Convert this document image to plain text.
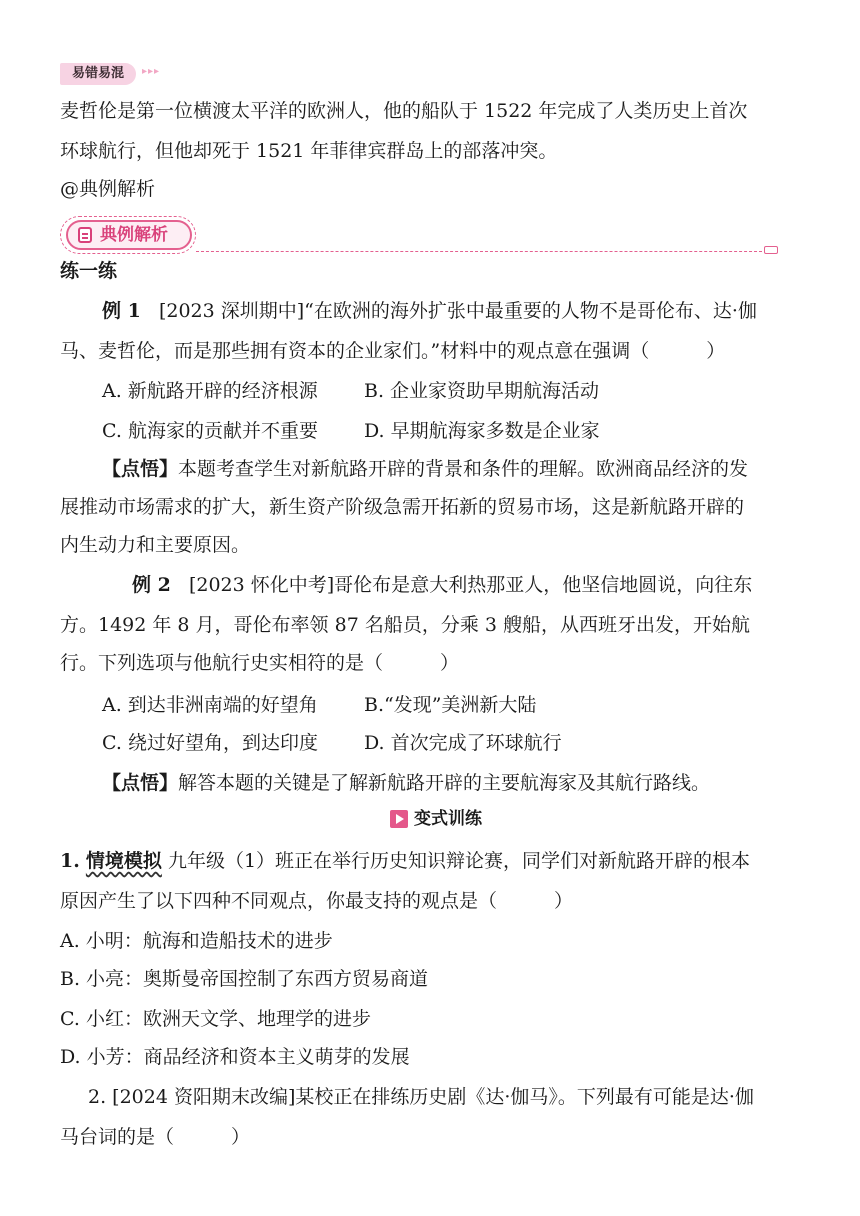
易错易混	▸▸▸
麦哲伦是第一位横渡太平洋的欧洲人，他的船队于 1522 年完成了人类历史上首次
环球航行，但他却死于 1521 年菲律宾群岛上的部落冲突。
@典例解析
典例解析
练一练
例 1 [2023 深圳期中]“在欧洲的海外扩张中最重要的人物不是哥伦布、达·伽
马、麦哲伦，而是那些拥有资本的企业家们。”材料中的观点意在强调（　　　）
A. 新航路开辟的经济根源 B. 企业家资助早期航海活动
C. 航海家的贡献并不重要 D. 早期航海家多数是企业家
【点悟】本题考查学生对新航路开辟的背景和条件的理解。欧洲商品经济的发
展推动市场需求的扩大，新生资产阶级急需开拓新的贸易市场，这是新航路开辟的
内生动力和主要原因。
例 2 [2023 怀化中考]哥伦布是意大利热那亚人，他坚信地圆说，向往东
方。1492 年 8 月，哥伦布率领 87 名船员，分乘 3 艘船，从西班牙出发，开始航
行。下列选项与他航行史实相符的是（　　　）
A. 到达非洲南端的好望角 B.“发现”美洲新大陆
C. 绕过好望角，到达印度 D. 首次完成了环球航行
【点悟】解答本题的关键是了解新航路开辟的主要航海家及其航行路线。
变式训练
1. 情境模拟 九年级（1）班正在举行历史知识辩论赛，同学们对新航路开辟的根本
原因产生了以下四种不同观点，你最支持的观点是（　　　）
A. 小明：航海和造船技术的进步
B. 小亮：奥斯曼帝国控制了东西方贸易商道
C. 小红：欧洲天文学、地理学的进步
D. 小芳：商品经济和资本主义萌芽的发展
2. [2024 资阳期末改编]某校正在排练历史剧《达·伽马》。下列最有可能是达·伽
马台词的是（　　　）
